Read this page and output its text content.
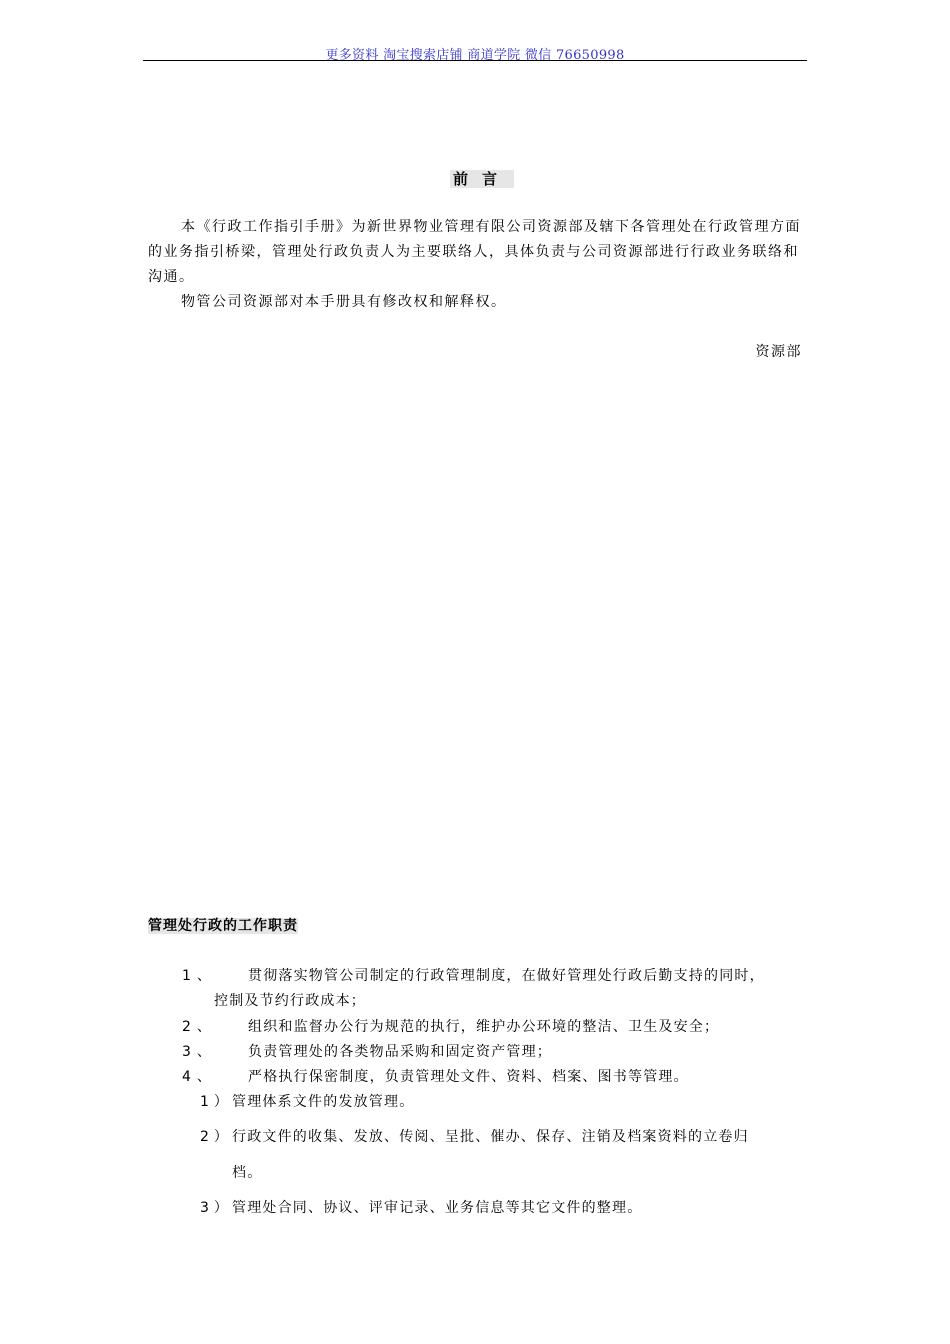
更多资料 淘宝搜索店铺 商道学院 微信 76650998
前言
本《行政工作指引手册》为新世界物业管理有限公司资源部及辖下各管理处在行政管理方面的业务指引桥梁，管理处行政负责人为主要联络人，具体负责与公司资源部进行行政业务联络和沟通。
物管公司资源部对本手册具有修改权和解释权。
资源部
管理处行政的工作职责
1、 贯彻落实物管公司制定的行政管理制度，在做好管理处行政后勤支持的同时，
控制及节约行政成本；
2、 组织和监督办公行为规范的执行，维护办公环境的整洁、卫生及安全；
3、 负责管理处的各类物品采购和固定资产管理；
4、 严格执行保密制度，负责管理处文件、资料、档案、图书等管理。
1） 管理体系文件的发放管理。
2） 行政文件的收集、发放、传阅、呈批、催办、保存、注销及档案资料的立卷归
档。
3） 管理处合同、协议、评审记录、业务信息等其它文件的整理。
